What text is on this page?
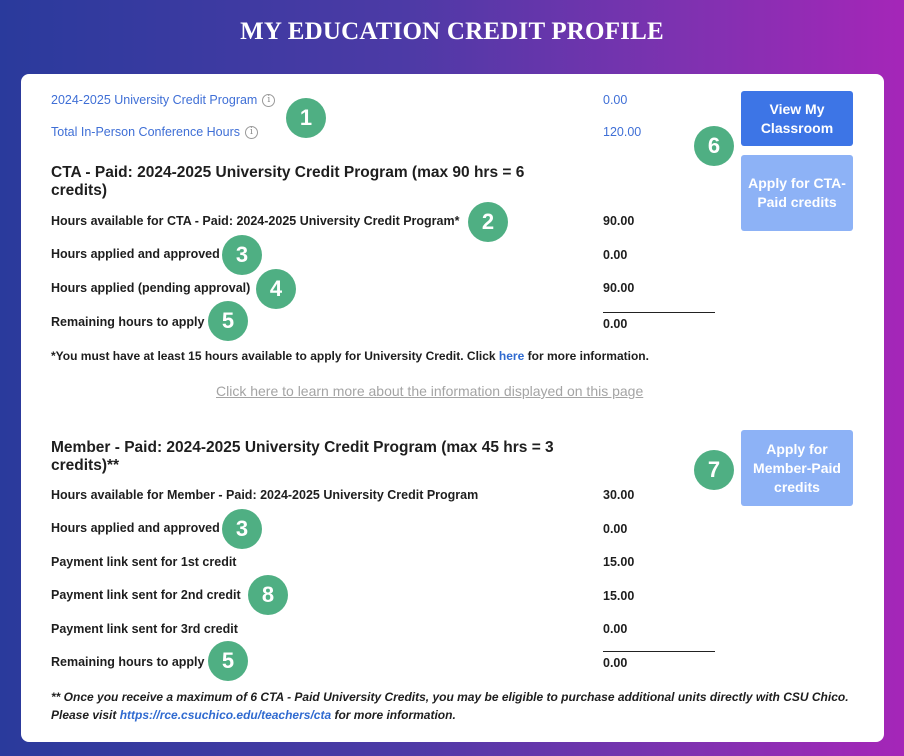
MY EDUCATION CREDIT PROFILE
2024-2025 University Credit Program i	0.00
Total In-Person Conference Hours i	120.00
View My Classroom
Apply for CTA-Paid credits
CTA - Paid: 2024-2025 University Credit Program (max 90 hrs = 6 credits)
Hours available for CTA - Paid: 2024-2025 University Credit Program*	90.00
Hours applied and approved	0.00
Hours applied (pending approval)	90.00
Remaining hours to apply	0.00
*You must have at least 15 hours available to apply for University Credit. Click here for more information.
Click here to learn more about the information displayed on this page
Member - Paid: 2024-2025 University Credit Program (max 45 hrs = 3 credits)**
Apply for Member-Paid credits
Hours available for Member - Paid: 2024-2025 University Credit Program	30.00
Hours applied and approved	0.00
Payment link sent for 1st credit	15.00
Payment link sent for 2nd credit	15.00
Payment link sent for 3rd credit	0.00
Remaining hours to apply	0.00
** Once you receive a maximum of 6 CTA - Paid University Credits, you may be eligible to purchase additional units directly with CSU Chico. Please visit https://rce.csuchico.edu/teachers/cta for more information.
1
2
3
4
5
6
7
3
8
5
